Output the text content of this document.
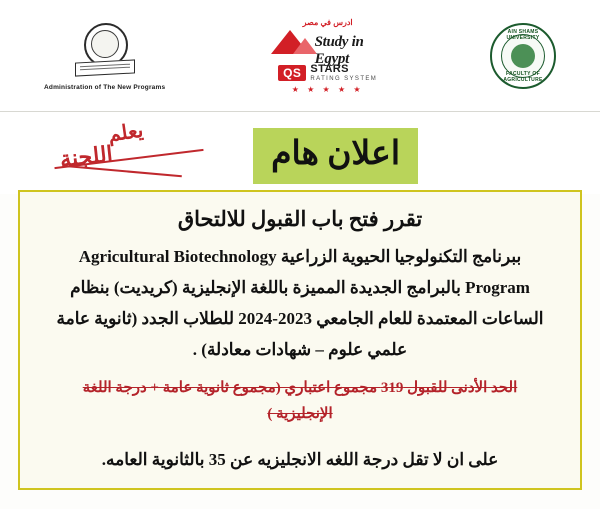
Administration of The New Programs
ادرس في مصر
Study in Egypt
QS STARS
RATING SYSTEM
★ ★ ★ ★ ★
AIN SHAMS UNIVERSITY
FACULTY OF AGRICULTURE
يعلم
اللجنة	اعلان هام
تقرر فتح باب القبول للالتحاق
ببرنامج التكنولوجيا الحيوية الزراعية Agricultural Biotechnology
Program بالبرامج الجديدة المميزة باللغة الإنجليزية (كريديت) بنظام
الساعات المعتمدة للعام الجامعي 2023-2024 للطلاب الجدد (ثانوية عامة
علمي علوم – شهادات معادلة) .
الحد الأدنى للقبول 319 مجموع اعتباري (مجموع ثانوية عامة + درجة اللغة
الإنجليزية )
على ان لا تقل درجة اللغه الانجليزيه عن 35 بالثانوية العامه.
